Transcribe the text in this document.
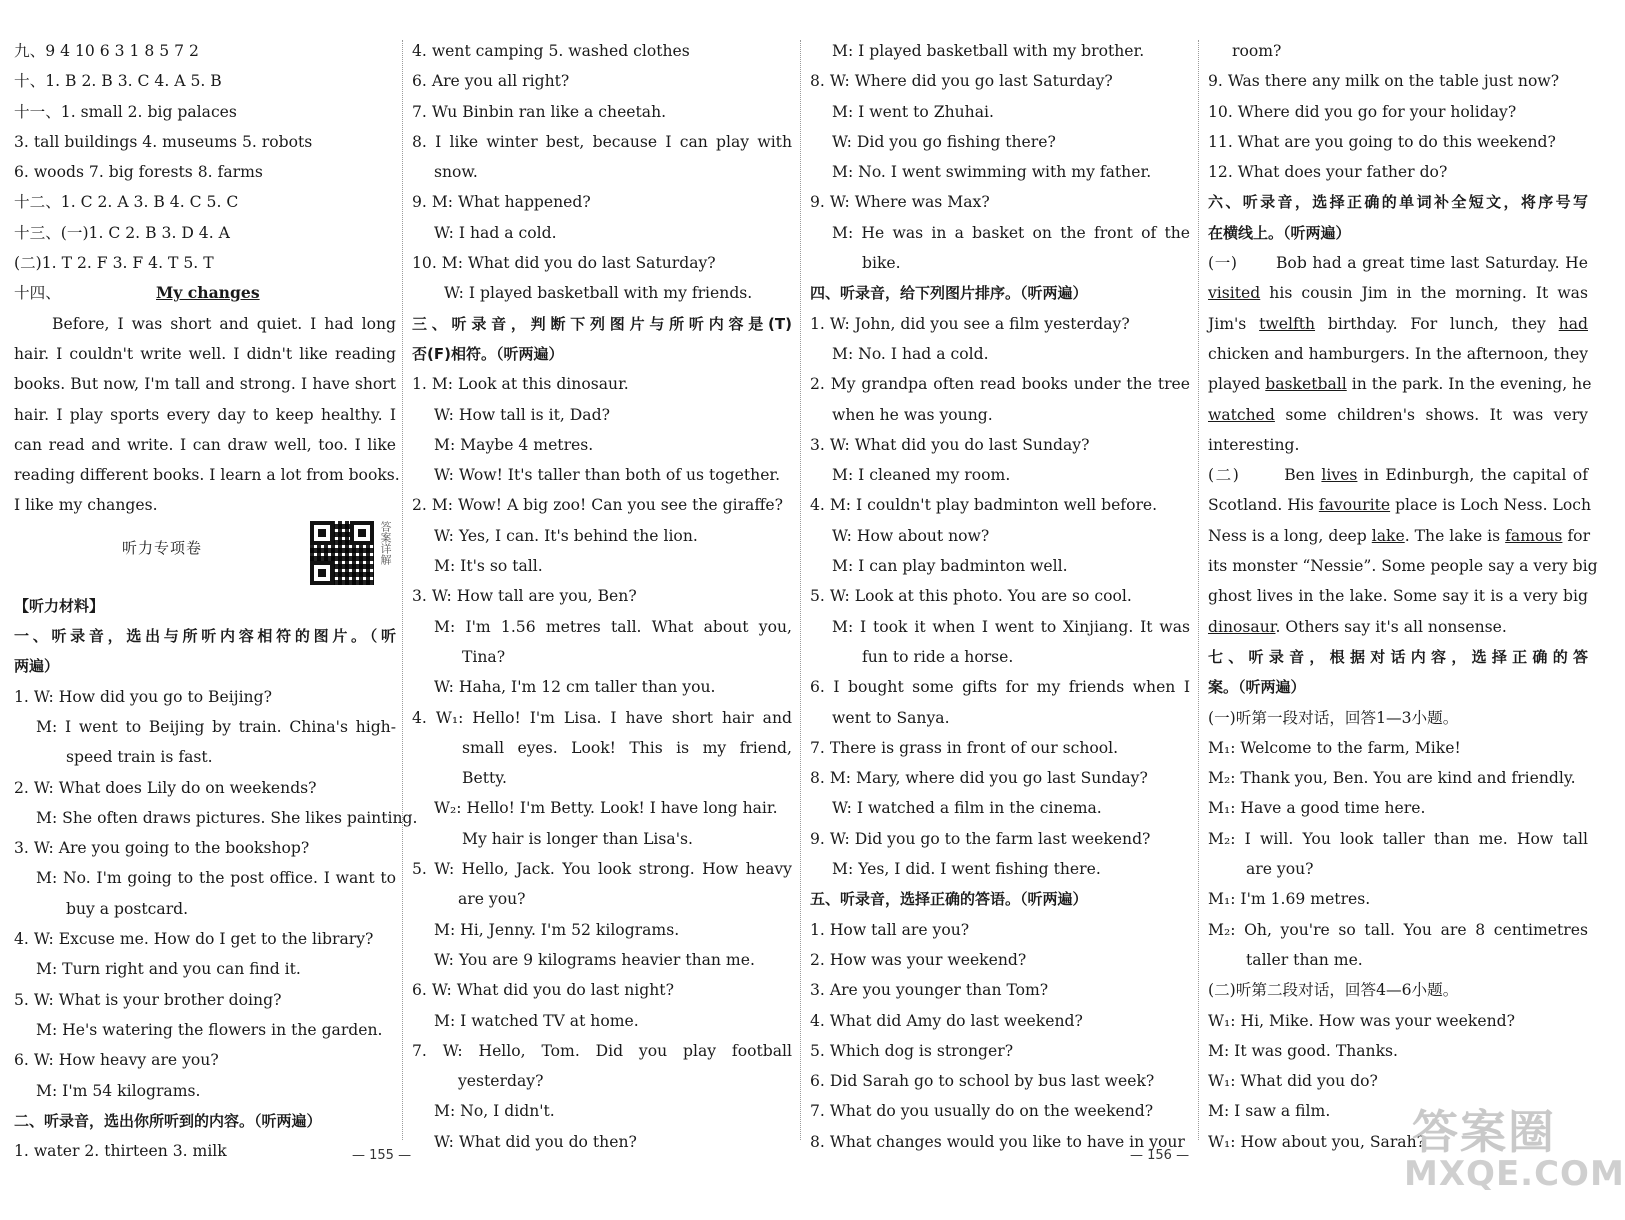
九、9 4 10 6 3 1 8 5 7 2
十、1. B 2. B 3. C 4. A 5. B
十一、1. small 2. big palaces
3. tall buildings 4. museums 5. robots
6. woods 7. big forests 8. farms
十二、1. C 2. A 3. B 4. C 5. C
十三、(一)1. C 2. B 3. D 4. A
(二)1. T 2. F 3. F 4. T 5. T
十四、	My changes
Before, I was short and quiet. I had long
hair. I couldn't write well. I didn't like reading
books. But now, I'm tall and strong. I have short
hair. I play sports every day to keep healthy. I
can read and write. I can draw well, too. I like
reading different books. I learn a lot from books.
I like my changes.
听力专项卷	答案详解
【听力材料】
一、听录音，选出与所听内容相符的图片。（听
两遍）
1. W: How did you go to Beijing?
M: I went to Beijing by train. China's high-
speed train is fast.
2. W: What does Lily do on weekends?
M: She often draws pictures. She likes painting.
3. W: Are you going to the bookshop?
M: No. I'm going to the post office. I want to
buy a postcard.
4. W: Excuse me. How do I get to the library?
M: Turn right and you can find it.
5. W: What is your brother doing?
M: He's watering the flowers in the garden.
6. W: How heavy are you?
M: I'm 54 kilograms.
二、听录音，选出你所听到的内容。（听两遍）
1. water 2. thirteen 3. milk
4. went camping 5. washed clothes
6. Are you all right?
7. Wu Binbin ran like a cheetah.
8. I like winter best, because I can play with
snow.
9. M: What happened?
W: I had a cold.
10. M: What did you do last Saturday?
W: I played basketball with my friends.
三、听录音，判断下列图片与所听内容是(T)
否(F)相符。（听两遍）
1. M: Look at this dinosaur.
W: How tall is it, Dad?
M: Maybe 4 metres.
W: Wow! It's taller than both of us together.
2. M: Wow! A big zoo! Can you see the giraffe?
W: Yes, I can. It's behind the lion.
M: It's so tall.
3. W: How tall are you, Ben?
M: I'm 1.56 metres tall. What about you,
Tina?
W: Haha, I'm 12 cm taller than you.
4. W₁: Hello! I'm Lisa. I have short hair and
small eyes. Look! This is my friend,
Betty.
W₂: Hello! I'm Betty. Look! I have long hair.
My hair is longer than Lisa's.
5. W: Hello, Jack. You look strong. How heavy
are you?
M: Hi, Jenny. I'm 52 kilograms.
W: You are 9 kilograms heavier than me.
6. W: What did you do last night?
M: I watched TV at home.
7. W: Hello, Tom. Did you play football
yesterday?
M: No, I didn't.
W: What did you do then?
M: I played basketball with my brother.
8. W: Where did you go last Saturday?
M: I went to Zhuhai.
W: Did you go fishing there?
M: No. I went swimming with my father.
9. W: Where was Max?
M: He was in a basket on the front of the
bike.
四、听录音，给下列图片排序。（听两遍）
1. W: John, did you see a film yesterday?
M: No. I had a cold.
2. My grandpa often read books under the tree
when he was young.
3. W: What did you do last Sunday?
M: I cleaned my room.
4. M: I couldn't play badminton well before.
W: How about now?
M: I can play badminton well.
5. W: Look at this photo. You are so cool.
M: I took it when I went to Xinjiang. It was
fun to ride a horse.
6. I bought some gifts for my friends when I
went to Sanya.
7. There is grass in front of our school.
8. M: Mary, where did you go last Sunday?
W: I watched a film in the cinema.
9. W: Did you go to the farm last weekend?
M: Yes, I did. I went fishing there.
五、听录音，选择正确的答语。（听两遍）
1. How tall are you?
2. How was your weekend?
3. Are you younger than Tom?
4. What did Amy do last weekend?
5. Which dog is stronger?
6. Did Sarah go to school by bus last week?
7. What do you usually do on the weekend?
8. What changes would you like to have in your
room?
9. Was there any milk on the table just now?
10. Where did you go for your holiday?
11. What are you going to do this weekend?
12. What does your father do?
六、听录音，选择正确的单词补全短文，将序号写
在横线上。（听两遍）
(一) Bob had a great time last Saturday. He
visited his cousin Jim in the morning. It was
Jim's twelfth birthday. For lunch, they had
chicken and hamburgers. In the afternoon, they
played basketball in the park. In the evening, he
watched some children's shows. It was very
interesting.
(二)	Ben lives in Edinburgh, the capital of
Scotland. His favourite place is Loch Ness. Loch
Ness is a long, deep lake. The lake is famous for
its monster “Nessie”. Some people say a very big
ghost lives in the lake. Some say it is a very big
dinosaur. Others say it's all nonsense.
七、听录音，根据对话内容，选择正确的答
案。（听两遍）
(一)听第一段对话，回答1—3小题。
M₁: Welcome to the farm, Mike!
M₂: Thank you, Ben. You are kind and friendly.
M₁: Have a good time here.
M₂: I will. You look taller than me. How tall
are you?
M₁: I'm 1.69 metres.
M₂: Oh, you're so tall. You are 8 centimetres
taller than me.
(二)听第二段对话，回答4—6小题。
W₁: Hi, Mike. How was your weekend?
M: It was good. Thanks.
W₁: What did you do?
M: I saw a film.
W₁: How about you, Sarah?
— 155 —	— 156 —	答案圈
MXQE.COM
